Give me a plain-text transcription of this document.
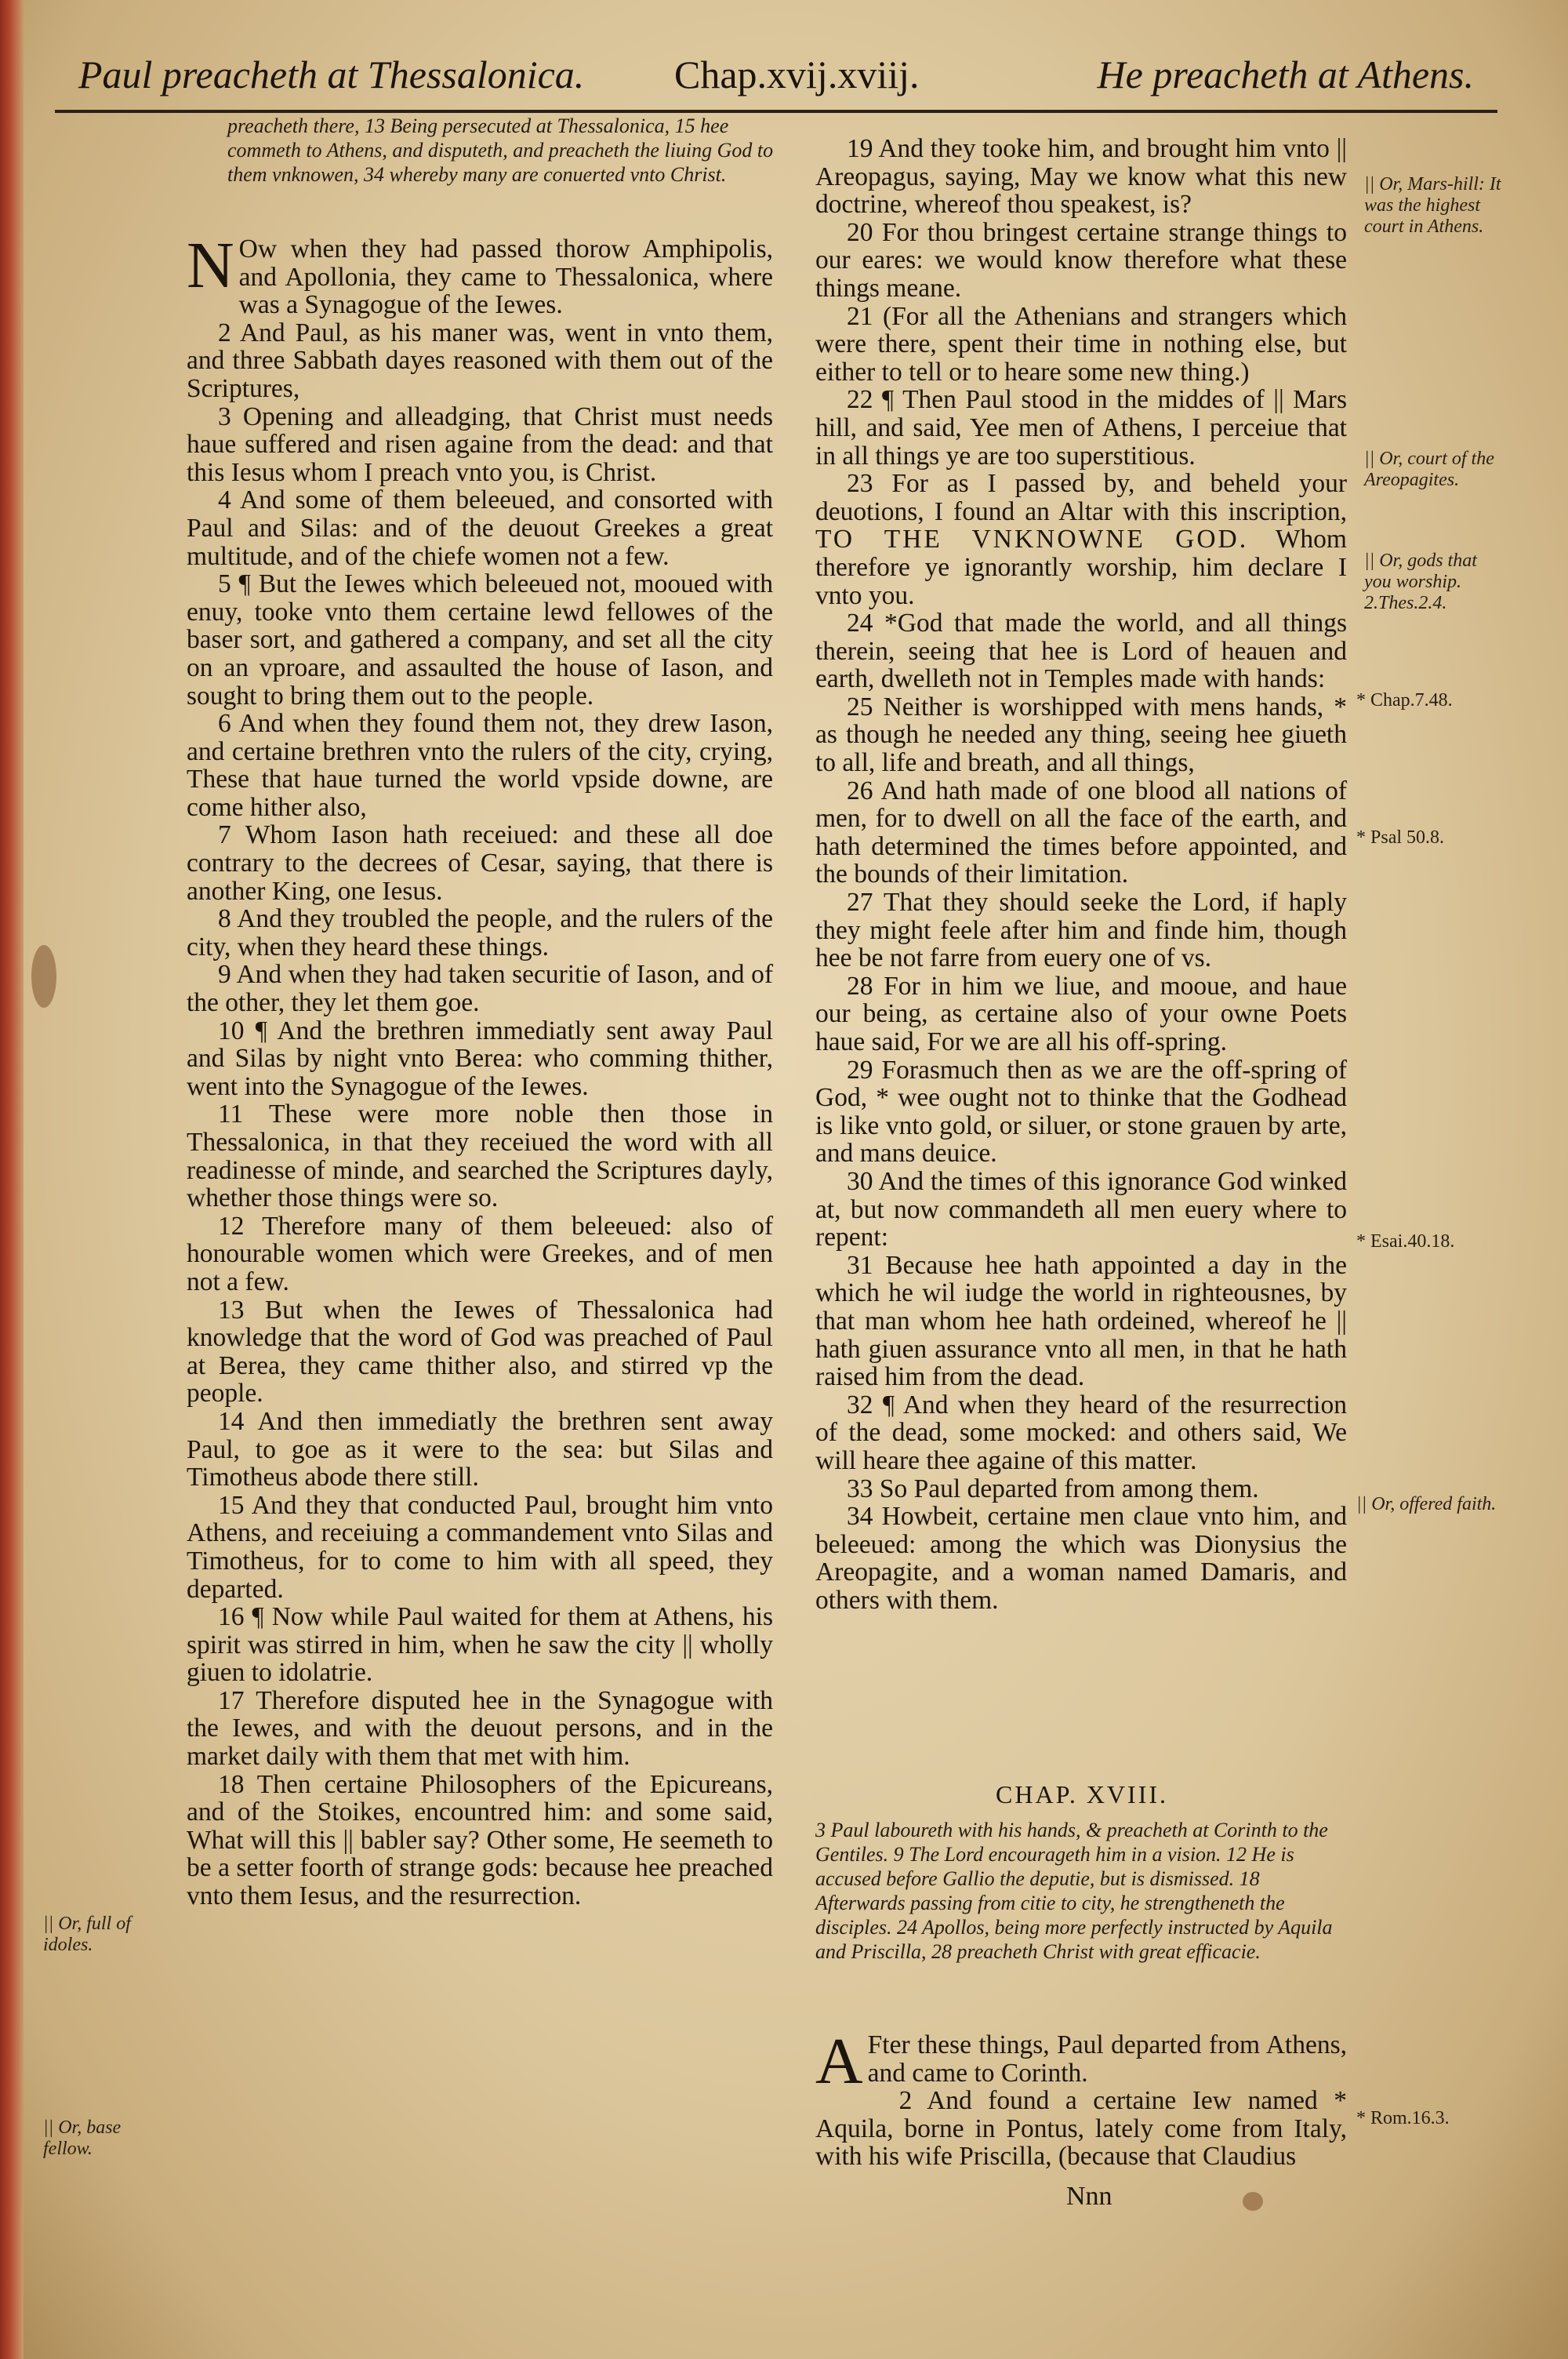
Paul preacheth at Thessalonica. Chap.xvij.xviij.	He preacheth at Athens.
preacheth there, 13 Being persecuted at Thessalonica, 15 hee commeth to Athens, and disputeth, and preacheth the liuing God to them vnknowen, 34 whereby many are conuerted vnto Christ.

N Ow when they had passed thorow Amphipolis, and Apollonia, they came to Thessalonica, where was a Synagogue of the Iewes.

2 And Paul, as his maner was, went in vnto them, and three Sabbath dayes reasoned with them out of the Scriptures,

3 Opening and alleadging, that Christ must needs haue suffered and risen againe from the dead: and that this Iesus whom I preach vnto you, is Christ.

4 And some of them beleeued, and consorted with Paul and Silas: and of the deuout Greekes a great multitude, and of the chiefe women not a few.

5 ¶ But the Iewes which beleeued not, mooued with enuy, tooke vnto them certaine lewd fellowes of the baser sort, and gathered a company, and set all the city on an vproare, and assaulted the house of Iason, and sought to bring them out to the people.

6 And when they found them not, they drew Iason, and certaine brethren vnto the rulers of the city, crying, These that haue turned the world vpside downe, are come hither also,

7 Whom Iason hath receiued: and these all doe contrary to the decrees of Cesar, saying, that there is another King, one Iesus.

8 And they troubled the people, and the rulers of the city, when they heard these things.

9 And when they had taken securitie of Iason, and of the other, they let them goe.

10 ¶ And the brethren immediatly sent away Paul and Silas by night vnto Berea: who comming thither, went into the Synagogue of the Iewes.

11 These were more noble then those in Thessalonica, in that they receiued the word with all readinesse of minde, and searched the Scriptures dayly, whether those things were so.

12 Therefore many of them beleeued: also of honourable women which were Greekes, and of men not a few.

13 But when the Iewes of Thessalonica had knowledge that the word of God was preached of Paul at Berea, they came thither also, and stirred vp the people.

14 And then immediatly the brethren sent away Paul, to goe as it were to the sea: but Silas and Timotheus abode there still.

15 And they that conducted Paul, brought him vnto Athens, and receiuing a commandement vnto Silas and Timotheus, for to come to him with all speed, they departed.

16 ¶ Now while Paul waited for them at Athens, his spirit was stirred in him, when he saw the city || wholly giuen to idolatrie.

17 Therefore disputed hee in the Synagogue with the Iewes, and with the deuout persons, and in the market daily with them that met with him.

18 Then certaine Philosophers of the Epicureans, and of the Stoikes, encountred him: and some said, What will this || babler say? Other some, He seemeth to be a setter foorth of strange gods: because hee preached vnto them Iesus, and the resurrection.

19 And they tooke him, and brought him vnto || Areopagus, saying, May we know what this new doctrine, whereof thou speakest, is?

20 For thou bringest certaine strange things to our eares: we would know therefore what these things meane.

21 (For all the Athenians and strangers which were there, spent their time in nothing else, but either to tell or to heare some new thing.)

22 ¶ Then Paul stood in the middes of || Mars hill, and said, Yee men of Athens, I perceiue that in all things ye are too superstitious.

23 For as I passed by, and beheld your deuotions, I found an Altar with this inscription, TO THE VNKNOWNE GOD. Whom therefore ye ignorantly worship, him declare I vnto you.

24 *God that made the world, and all things therein, seeing that hee is Lord of heauen and earth, dwelleth not in Temples made with hands:

25 Neither is worshipped with mens hands, * as though he needed any thing, seeing hee giueth to all, life and breath, and all things,

26 And hath made of one blood all nations of men, for to dwell on all the face of the earth, and hath determined the times before appointed, and the bounds of their limitation.

27 That they should seeke the Lord, if haply they might feele after him and finde him, though hee be not farre from euery one of vs.

28 For in him we liue, and mooue, and haue our being, as certaine also of your owne Poets haue said, For we are all his off-spring.

29 Forasmuch then as we are the off-spring of God, * wee ought not to thinke that the Godhead is like vnto gold, or siluer, or stone grauen by arte, and mans deuice.

30 And the times of this ignorance God winked at, but now commandeth all men euery where to repent:

31 Because hee hath appointed a day in the which he wil iudge the world in righteousnes, by that man whom hee hath ordeined, whereof he || hath giuen assurance vnto all men, in that he hath raised him from the dead.

32 ¶ And when they heard of the resurrection of the dead, some mocked: and others said, We will heare thee againe of this matter.

33 So Paul departed from among them.

34 Howbeit, certaine men claue vnto him, and beleeued: among the which was Dionysius the Areopagite, and a woman named Damaris, and others with them.

CHAP. XVIII.
3 Paul laboureth with his hands, & preacheth at Corinth to the Gentiles. 9 The Lord encourageth him in a vision. 12 He is accused before Gallio the deputie, but is dismissed. 18 Afterwards passing from citie to city, he strengtheneth the disciples. 24 Apollos, being more perfectly instructed by Aquila and Priscilla, 28 preacheth Christ with great efficacie.

A Fter these things, Paul departed from Athens, and came to Corinth.

2 And found a certaine Iew named * Aquila, borne in Pontus, lately come from Italy, with his wife Priscilla, (because that Claudius

Nnn
|| Or, Mars-hill: It was the highest court in Athens.
|| Or, court of the Areopagites.
|| Or, gods that you worship. 2.Thes.2.4.
* Chap.7.48.
* Psal 50.8.
* Esai.40.18.
|| Or, offered faith.
|| Or, full of idoles.
|| Or, base fellow.
* Rom.16.3.
